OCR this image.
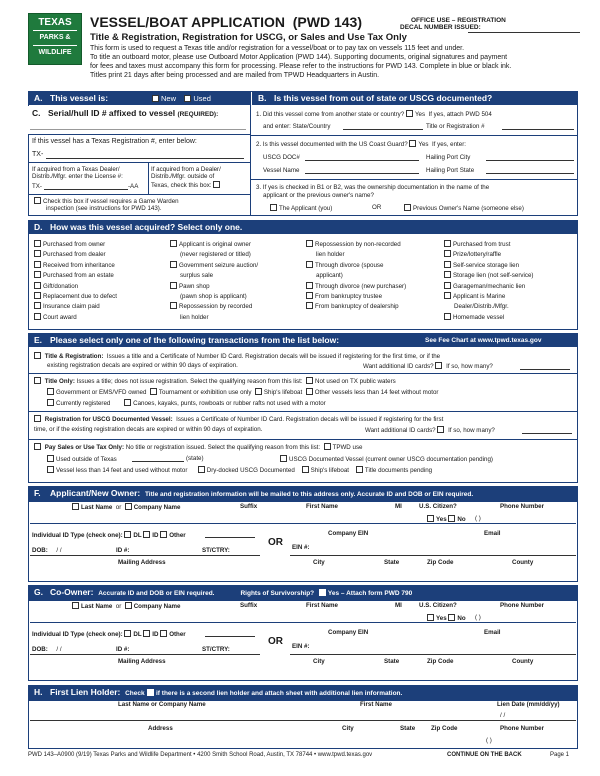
TEXAS
PARKS &
WILDLIFE
VESSEL/BOAT APPLICATION (PWD 143)	OFFICE USE – REGISTRATION
DECAL NUMBER ISSUED:
Title & Registration, Registration for USCG, or Sales and Use Tax Only
This form is used to request a Texas title and/or registration for a vessel/boat or to pay tax on vessels 115 feet and under.
To title an outboard motor, please use Outboard Motor Application (PWD 144). Supporting documents, original signatures and payment
for fees and taxes must accompany this form for processing. Please refer to the instructions for PWD 143. Complete in blue or black ink.
Titles print 21 days after being processed and are mailed from TPWD Headquarters in Austin.
A. This vessel is:	New Used	B. Is this vessel from out of state or USCG documented?
C. Serial/hull ID # affixed to vessel (REQUIRED):
If this vessel has a Texas Registration #, enter below:
TX-
If acquired from a Texas Dealer/
Distrib./Mfgr. enter the License #:
TX-	-AA
If acquired from a Dealer/
Distrib./Mfgr. outside of
Texas, check this box:
Check this box if vessel requires a Game Warden
inspection (see instructions for PWD 143).
1. Did this vessel come from another state or country? Yes If yes, attach PWD 504
and enter: State/Country	Title or Registration #
2. Is this vessel documented with the US Coast Guard? Yes If yes, enter:
USCG DOC#	Hailing Port City
Vessel Name	Hailing Port State
3. If yes is checked in B1 or B2, was the ownership documentation in the name of the
applicant or the previous owner's name?
The Applicant (you)	OR	Previous Owner's Name (someone else)
D. How was this vessel acquired? Select only one.
Purchased from owner
Purchased from dealer
Received from inheritance
Purchased from an estate
Gift/donation
Replacement due to defect
Insurance claim paid
Court award
Applicant is original owner
(never registered or titled)
Government seizure auction/
surplus sale
Pawn shop
(pawn shop is applicant)
Repossession by recorded
lien holder
Repossession by non-recorded
lien holder
Through divorce (spouse
applicant)
Through divorce (new purchaser)
From bankruptcy trustee
From bankruptcy of dealership
Purchased from trust
Prize/lottery/raffle
Self-service storage lien
Storage lien (not self-service)
Garageman/mechanic lien
Applicant is Marine
Dealer/Distrib./Mfgr.
Homemade vessel
E. Please select only one of the following transactions from the list below:	See Fee Chart at www.tpwd.texas.gov
Title & Registration: Issues a title and a Certificate of Number ID Card. Registration decals will be issued if registering for the first time, or if the
existing registration decals are expired or within 90 days of expiration.	Want additional ID cards? If so, how many?
Title Only: Issues a title; does not issue registration. Select the qualifying reason from this list: Not used on TX public waters
Government or EMS/VFD owned Tournament or exhibition use only Ship's lifeboat Other vessels less than 14 feet without motor
Currently registered	Canoes, kayaks, punts, rowboats or rubber rafts not used with a motor
Registration for USCG Documented Vessel: Issues a Certificate of Number ID Card. Registration decals will be issued if registering for the first
time, or if the existing registration decals are expired or within 90 days of expiration.	Want additional ID cards? If so, how many?
Pay Sales or Use Tax Only: No title or registration issued. Select the qualifying reason from this list: TPWD use
Used outside of Texas	(state)	USCG Documented Vessel (current owner USCG documentation pending)
Vessel less than 14 feet and used without motor	Dry-docked USCG Documented	Ship's lifeboat	Title documents pending
F. Applicant/New Owner: Title and registration information will be mailed to this address only. Accurate ID and DOB or EIN required.
Last Name or Company Name	Suffix	First Name	MI	U.S. Citizen?	Phone Number
Yes No ( )
Individual ID Type (check one): DL ID Other	Company EIN	Email
OR EIN #:
DOB: / /	ID #:	ST/CTRY:
Mailing Address	City	State	Zip Code	County
G. Co-Owner: Accurate ID and DOB or EIN required.	Rights of Survivorship? Yes – Attach form PWD 790
Last Name or Company Name	Suffix	First Name	MI	U.S. Citizen?	Phone Number
Yes No ( )
Individual ID Type (check one): DL ID Other	Company EIN	Email
OR EIN #:
DOB: / /	ID #:	ST/CTRY:
Mailing Address	City	State	Zip Code	County
H. First Lien Holder: Check if there is a second lien holder and attach sheet with additional lien information.
Last Name or Company Name	First Name	Lien Date (mm/dd/yy)
/ /
Address	City	State	Zip Code	Phone Number
( )
PWD 143–A0900 (9/19) Texas Parks and Wildlife Department • 4200 Smith School Road, Austin, TX 78744 • www.tpwd.texas.gov	CONTINUE ON THE BACK	Page 1
